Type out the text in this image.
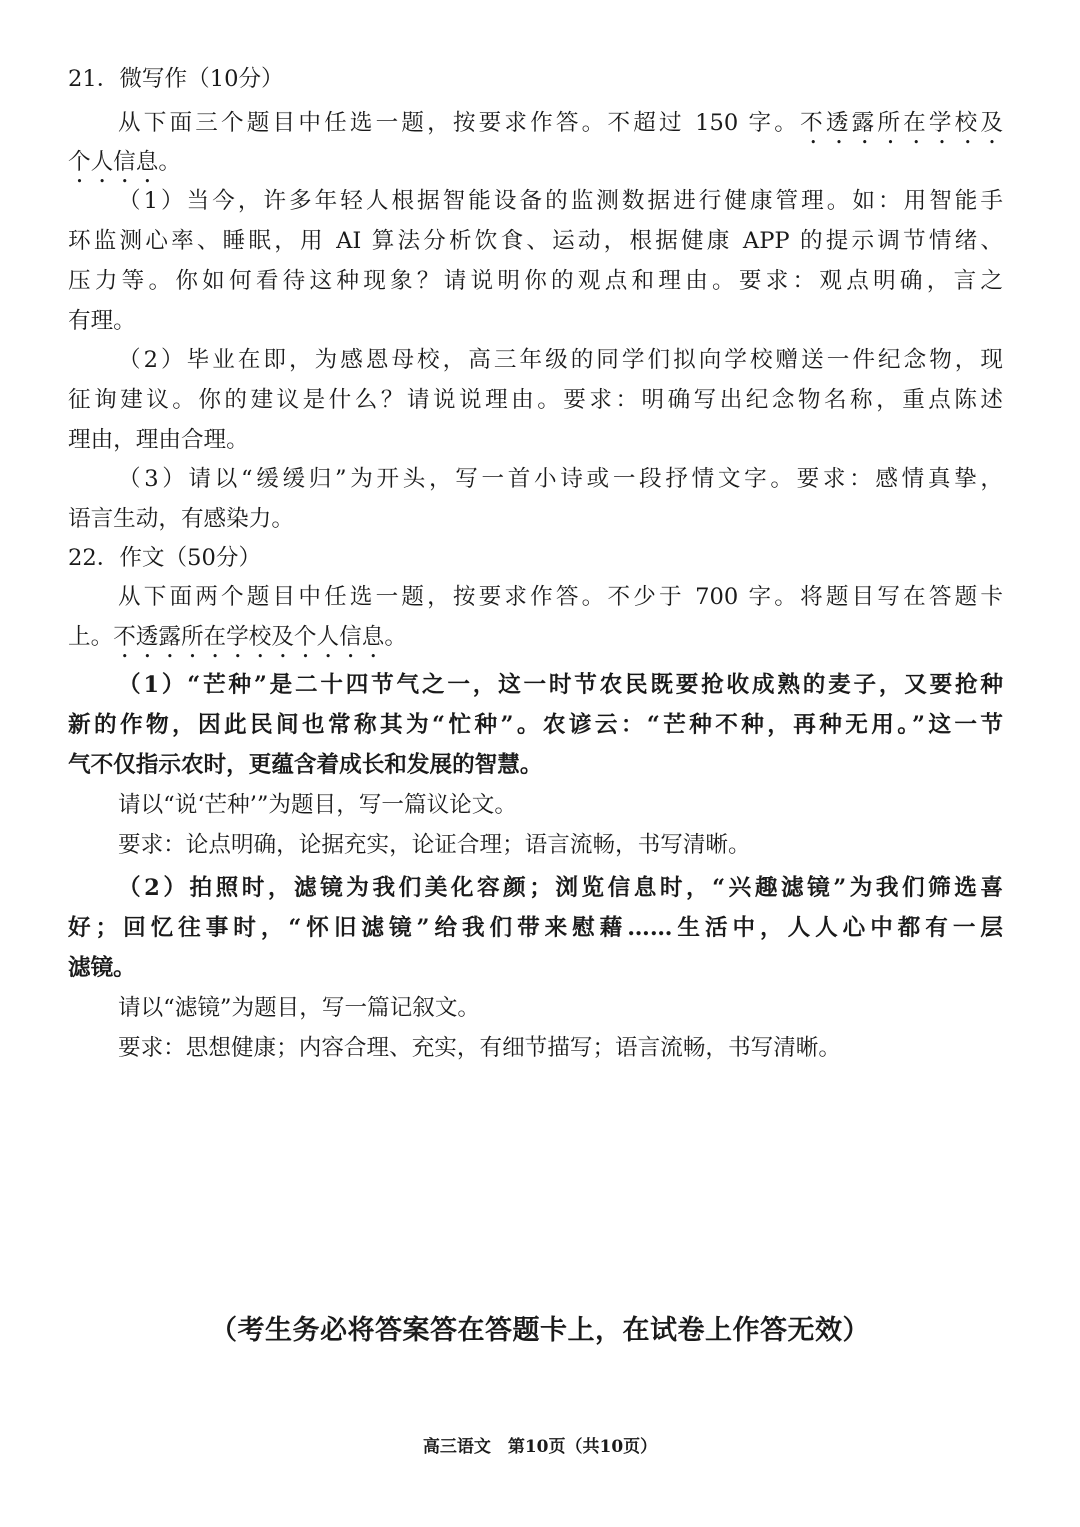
21．微写作（10分）
从下面三个题目中任选一题，按要求作答。不超过 150 字。不透露所在学校及
个人信息。
（1）当今，许多年轻人根据智能设备的监测数据进行健康管理。如：用智能手
环监测心率、睡眠，用 AI 算法分析饮食、运动，根据健康 APP 的提示调节情绪、
压力等。你如何看待这种现象？请说明你的观点和理由。要求：观点明确，言之
有理。
（2）毕业在即，为感恩母校，高三年级的同学们拟向学校赠送一件纪念物，现
征询建议。你的建议是什么？请说说理由。要求：明确写出纪念物名称，重点陈述
理由，理由合理。
（3）请以“缓缓归”为开头，写一首小诗或一段抒情文字。要求：感情真挚，
语言生动，有感染力。
22．作文（50分）
从下面两个题目中任选一题，按要求作答。不少于 700 字。将题目写在答题卡
上。不透露所在学校及个人信息。
（1）“芒种”是二十四节气之一，这一时节农民既要抢收成熟的麦子，又要抢种
新的作物，因此民间也常称其为“忙种”。农谚云：“芒种不种，再种无用。”这一节
气不仅指示农时，更蕴含着成长和发展的智慧。
请以“说‘芒种’”为题目，写一篇议论文。
要求：论点明确，论据充实，论证合理；语言流畅，书写清晰。
（2）拍照时，滤镜为我们美化容颜；浏览信息时，“兴趣滤镜”为我们筛选喜
好；回忆往事时，“怀旧滤镜”给我们带来慰藉……生活中，人人心中都有一层
滤镜。
请以“滤镜”为题目，写一篇记叙文。
要求：思想健康；内容合理、充实，有细节描写；语言流畅，书写清晰。
（考生务必将答案答在答题卡上，在试卷上作答无效）
高三语文　第10页（共10页）
